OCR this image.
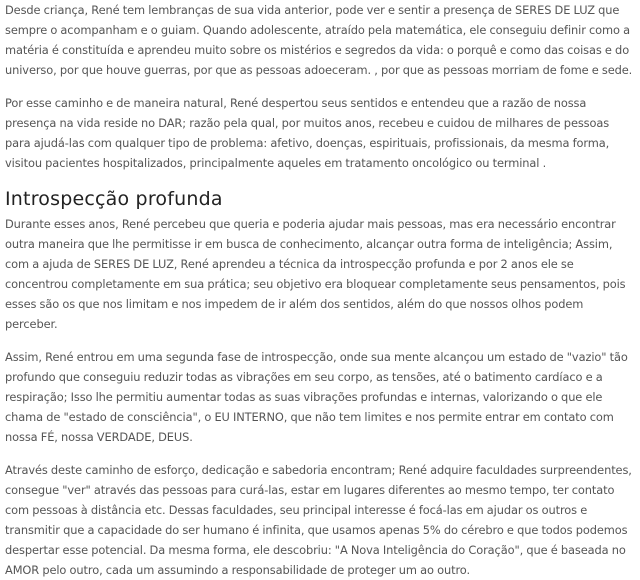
Desde criança, René tem lembranças de sua vida anterior, pode ver e sentir a presença de SERES DE LUZ que sempre o acompanham e o guiam. Quando adolescente, atraído pela matemática, ele conseguiu definir como a matéria é constituída e aprendeu muito sobre os mistérios e segredos da vida: o porquê e como das coisas e do universo, por que houve guerras, por que as pessoas adoeceram. , por que as pessoas morriam de fome e sede.

Por esse caminho e de maneira natural, René despertou seus sentidos e entendeu que a razão de nossa presença na vida reside no DAR; razão pela qual, por muitos anos, recebeu e cuidou de milhares de pessoas para ajudá-las com qualquer tipo de problema: afetivo, doenças, espirituais, profissionais, da mesma forma, visitou pacientes hospitalizados, principalmente aqueles em tratamento oncológico ou terminal .

Introspecção profunda

Durante esses anos, René percebeu que queria e poderia ajudar mais pessoas, mas era necessário encontrar outra maneira que lhe permitisse ir em busca de conhecimento, alcançar outra forma de inteligência; Assim, com a ajuda de SERES DE LUZ, René aprendeu a técnica da introspecção profunda e por 2 anos ele se concentrou completamente em sua prática; seu objetivo era bloquear completamente seus pensamentos, pois esses são os que nos limitam e nos impedem de ir além dos sentidos, além do que nossos olhos podem perceber.

Assim, René entrou em uma segunda fase de introspecção, onde sua mente alcançou um estado de "vazio" tão profundo que conseguiu reduzir todas as vibrações em seu corpo, as tensões, até o batimento cardíaco e a respiração; Isso lhe permitiu aumentar todas as suas vibrações profundas e internas, valorizando o que ele chama de "estado de consciência", o EU INTERNO, que não tem limites e nos permite entrar em contato com nossa FÉ, nossa VERDADE, DEUS.

Através deste caminho de esforço, dedicação e sabedoria encontram; René adquire faculdades surpreendentes, consegue "ver" através das pessoas para curá-las, estar em lugares diferentes ao mesmo tempo, ter contato com pessoas à distância etc. Dessas faculdades, seu principal interesse é focá-las em ajudar os outros e transmitir que a capacidade do ser humano é infinita, que usamos apenas 5% do cérebro e que todos podemos despertar esse potencial. Da mesma forma, ele descobriu: "A Nova Inteligência do Coração", que é baseada no AMOR pelo outro, cada um assumindo a responsabilidade de proteger um ao outro.
